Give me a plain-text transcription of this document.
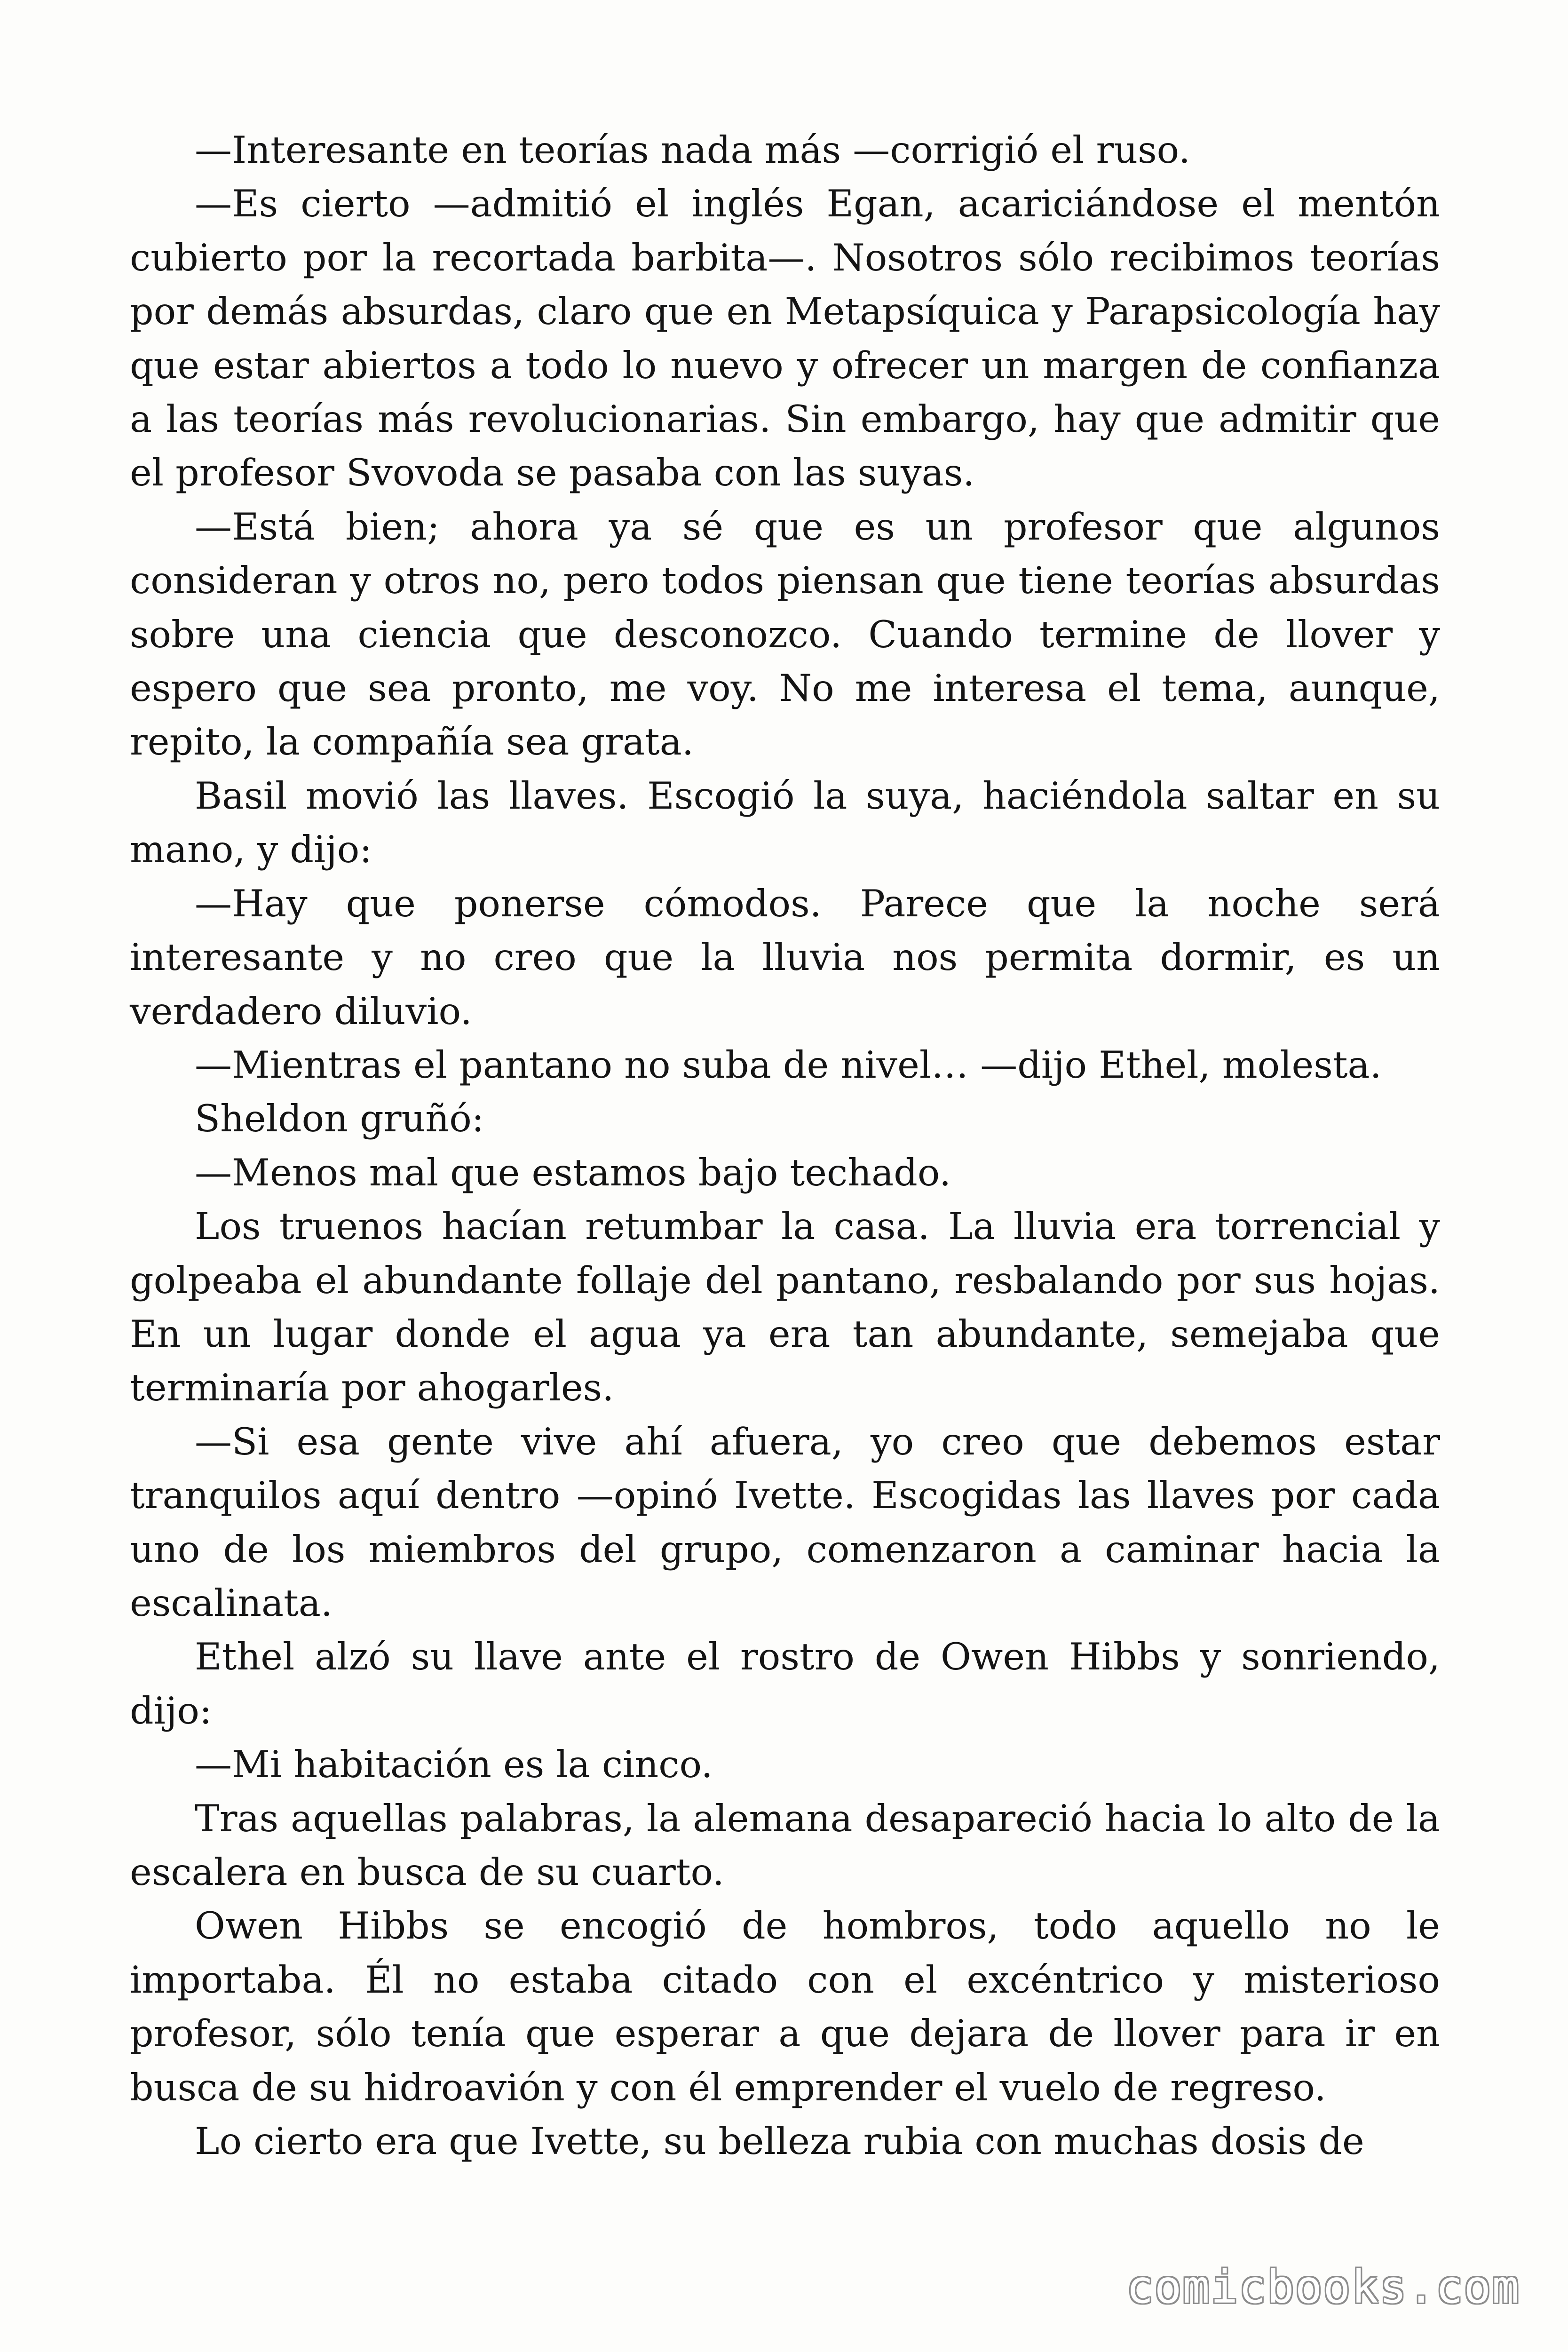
—Interesante en teorías nada más —corrigió el ruso.

—Es cierto —admitió el inglés Egan, acariciándose el mentón cubierto por la recortada barbita—. Nosotros sólo recibimos teorías por demás absurdas, claro que en Metapsíquica y Parapsicología hay que estar abiertos a todo lo nuevo y ofrecer un margen de confianza a las teorías más revolucionarias. Sin embargo, hay que admitir que el profesor Svovoda se pasaba con las suyas.

—Está bien; ahora ya sé que es un profesor que algunos consideran y otros no, pero todos piensan que tiene teorías absurdas sobre una ciencia que desconozco. Cuando termine de llover y espero que sea pronto, me voy. No me interesa el tema, aunque, repito, la compañía sea grata.

Basil movió las llaves. Escogió la suya, haciéndola saltar en su mano, y dijo:

—Hay que ponerse cómodos. Parece que la noche será interesante y no creo que la lluvia nos permita dormir, es un verdadero diluvio.

—Mientras el pantano no suba de nivel… —dijo Ethel, molesta.

Sheldon gruñó:

—Menos mal que estamos bajo techado.

Los truenos hacían retumbar la casa. La lluvia era torrencial y golpeaba el abundante follaje del pantano, resbalando por sus hojas. En un lugar donde el agua ya era tan abundante, semejaba que terminaría por ahogarles.

—Si esa gente vive ahí afuera, yo creo que debemos estar tranquilos aquí dentro —opinó Ivette. Escogidas las llaves por cada uno de los miembros del grupo, comenzaron a caminar hacia la escalinata.

Ethel alzó su llave ante el rostro de Owen Hibbs y sonriendo, dijo:

—Mi habitación es la cinco.

Tras aquellas palabras, la alemana desapareció hacia lo alto de la escalera en busca de su cuarto.

Owen Hibbs se encogió de hombros, todo aquello no le importaba. Él no estaba citado con el excéntrico y misterioso profesor, sólo tenía que esperar a que dejara de llover para ir en busca de su hidroavión y con él emprender el vuelo de regreso.

Lo cierto era que Ivette, su belleza rubia con muchas dosis de

comicbooks.com
